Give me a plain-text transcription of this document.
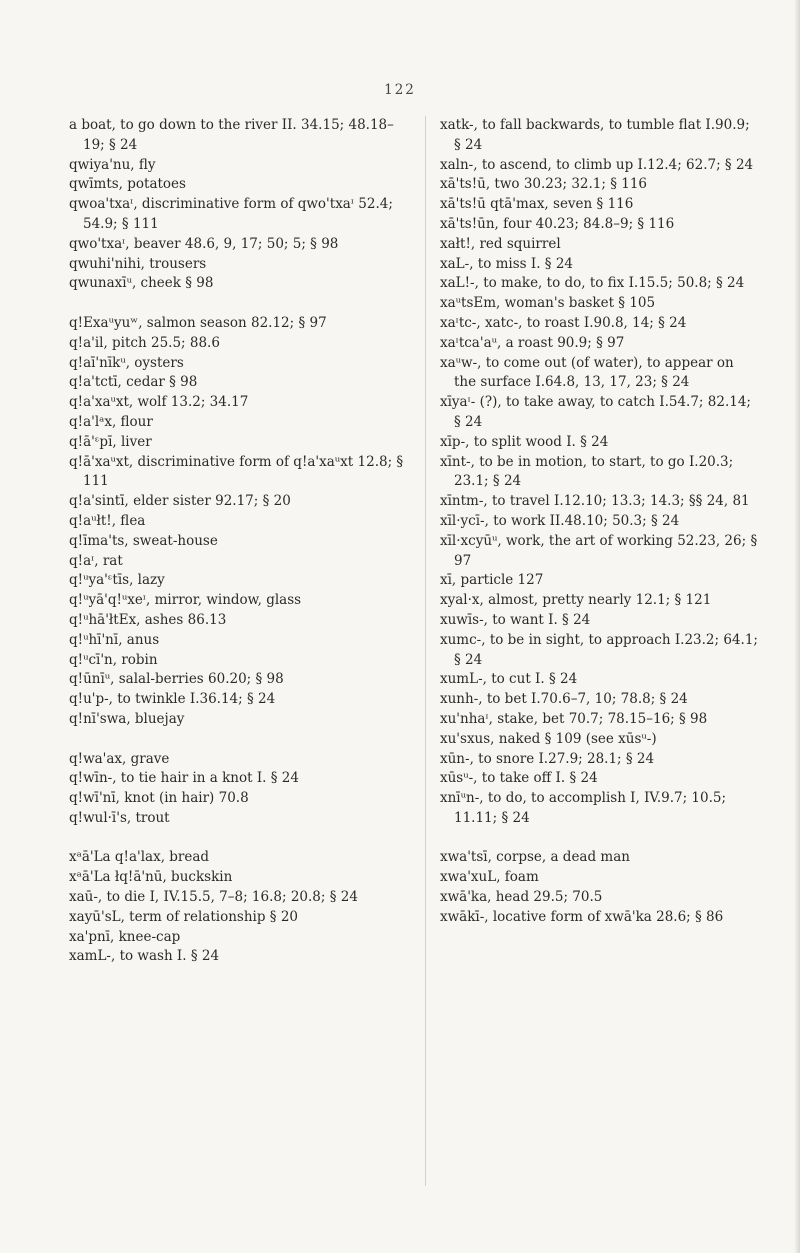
122
a boat, to go down to the river II. 34.15; 48.18–19; § 24
qwiya'nu, fly
qwīmts, potatoes
qwoa'txaᶦ, discriminative form of qwo'txaᶦ 52.4; 54.9; § 111
qwo'txaᶦ, beaver 48.6, 9, 17; 50; 5; § 98
qwuhi'nihi, trousers
qwunaxīᵘ, cheek § 98
q!Exaᵘyuʷ, salmon season 82.12; § 97
q!a'il, pitch 25.5; 88.6
q!aī'nīkᵘ, oysters
q!a'tctī, cedar § 98
q!a'xaᵘxt, wolf 13.2; 34.17
q!a'lᵃx, flour
q!ā'ᵋpī, liver
q!ā'xaᵘxt, discriminative form of q!a'xaᵘxt 12.8; § 111
q!a'sintī, elder sister 92.17; § 20
q!aᵘłt!, flea
q!īma'ts, sweat-house
q!aᶦ, rat
q!ᵘya'ᵋtīs, lazy
q!ᵘyā'q!ᵘxeᶦ, mirror, window, glass
q!ᵘhā'łtEx, ashes 86.13
q!ᵘhī'nī, anus
q!ᵘcī'n, robin
q!ūnīᵘ, salal-berries 60.20; § 98
q!u'p-, to twinkle I.36.14; § 24
q!nī'swa, bluejay
q!wa'ax, grave
q!wīn-, to tie hair in a knot I. § 24
q!wī'nī, knot (in hair) 70.8
q!wul·ī's, trout
xᵃā'La q!a'lax, bread
xᵃā'La łq!ā'nū, buckskin
xaū-, to die I, IV.15.5, 7–8; 16.8; 20.8; § 24
xayū'sL, term of relationship § 20
xa'pnī, knee-cap
xamL-, to wash I. § 24
xatk-, to fall backwards, to tumble flat I.90.9; § 24
xaln-, to ascend, to climb up I.12.4; 62.7; § 24
xā'ts!ū, two 30.23; 32.1; § 116
xā'ts!ū qtā'max, seven § 116
xā'ts!ūn, four 40.23; 84.8–9; § 116
xałt!, red squirrel
xaL-, to miss I. § 24
xaL!-, to make, to do, to fix I.15.5; 50.8; § 24
xaᵘtsEm, woman's basket § 105
xaᶦtc-, xatc-, to roast I.90.8, 14; § 24
xaᶦtca'aᵘ, a roast 90.9; § 97
xaᵘw-, to come out (of water), to appear on the surface I.64.8, 13, 17, 23; § 24
xīyaᶦ- (?), to take away, to catch I.54.7; 82.14; § 24
xīp-, to split wood I. § 24
xīnt-, to be in motion, to start, to go I.20.3; 23.1; § 24
xīntm-, to travel I.12.10; 13.3; 14.3; §§ 24, 81
xīl·ycī-, to work II.48.10; 50.3; § 24
xīl·xcyūᵘ, work, the art of working 52.23, 26; § 97
xī, particle 127
xyal·x, almost, pretty nearly 12.1; § 121
xuwīs-, to want I. § 24
xumc-, to be in sight, to approach I.23.2; 64.1; § 24
xumL-, to cut I. § 24
xunh-, to bet I.70.6–7, 10; 78.8; § 24
xu'nhaᶦ, stake, bet 70.7; 78.15–16; § 98
xu'sxus, naked § 109 (see xūsᵘ-)
xūn-, to snore I.27.9; 28.1; § 24
xūsᵘ-, to take off I. § 24
xnīᵘn-, to do, to accomplish I, IV.9.7; 10.5; 11.11; § 24
xwa'tsī, corpse, a dead man
xwa'xuL, foam
xwā'ka, head 29.5; 70.5
xwākī-, locative form of xwā'ka 28.6; § 86
